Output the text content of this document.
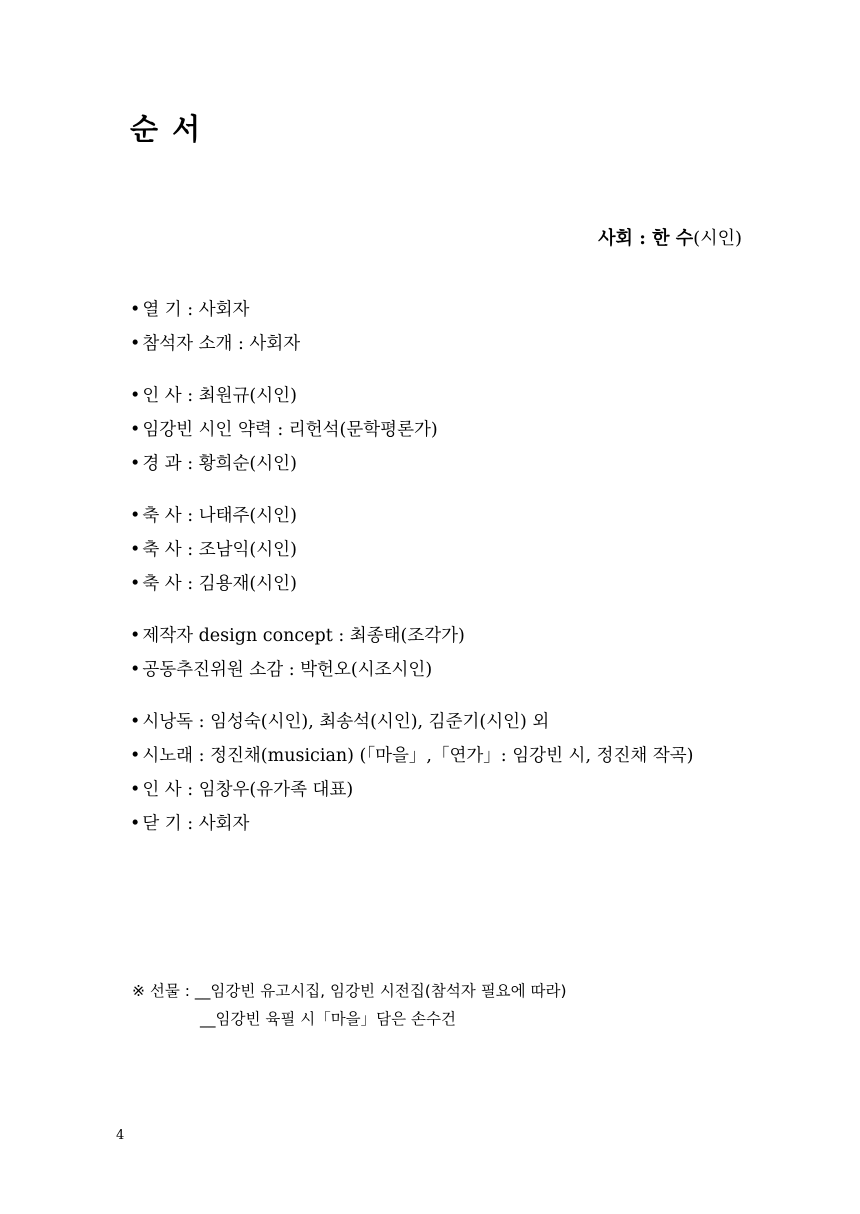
순 서
사회 : 한 수(시인)
• 열 기 : 사회자
• 참석자 소개 : 사회자
• 인 사 : 최원규(시인)
• 임강빈 시인 약력 : 리헌석(문학평론가)
• 경 과 : 황희순(시인)
• 축 사 : 나태주(시인)
• 축 사 : 조남익(시인)
• 축 사 : 김용재(시인)
• 제작자 design concept : 최종태(조각가)
• 공동추진위원 소감 : 박헌오(시조시인)
• 시낭독 : 임성숙(시인), 최송석(시인), 김준기(시인) 외
• 시노래 : 정진채(musician) (「마을」,「연가」: 임강빈 시, 정진채 작곡)
• 인 사 : 임창우(유가족 대표)
• 닫 기 : 사회자
※ 선물 : __임강빈 유고시집, 임강빈 시전집(참석자 필요에 따라)
__임강빈 육필 시「마을」담은 손수건
4
